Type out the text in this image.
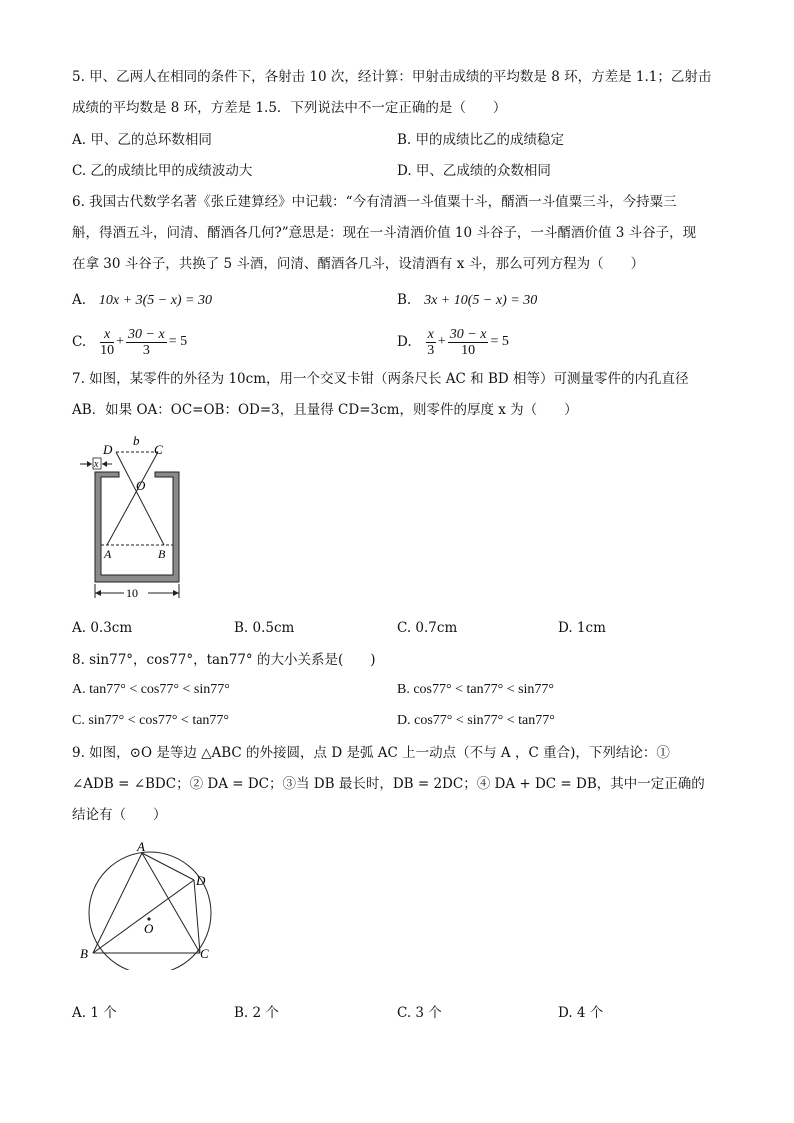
5. 甲、乙两人在相同的条件下，各射击 10 次，经计算：甲射击成绩的平均数是 8 环，方差是 1.1；乙射击
成绩的平均数是 8 环，方差是 1.5．下列说法中不一定正确的是（　　）
A. 甲、乙的总环数相同	B. 甲的成绩比乙的成绩稳定
C. 乙的成绩比甲的成绩波动大	D. 甲、乙成绩的众数相同
6. 我国古代数学名著《张丘建算经》中记载：“今有清酒一斗值粟十斗，醑酒一斗值粟三斗，今持粟三
斛，得酒五斗，问清、醑酒各几何?”意思是：现在一斗清酒价值 10 斗谷子，一斗醑酒价值 3 斗谷子，现
在拿 30 斗谷子，共换了 5 斗酒，问清、醑酒各几斗，设清酒有 x 斗，那么可列方程为（　　）
A. 10x + 3(5 − x) = 30	B. 3x + 10(5 − x) = 30
C. $\frac{x}{10} + \frac{30 - x}{3} = 5$	D. $\frac{x}{3} + \frac{30 - x}{10} = 5$
7. 如图，某零件的外径为 10cm，用一个交叉卡钳（两条尺长 AC 和 BD 相等）可测量零件的内孔直径
AB．如果 OA：OC=OB：OD=3，且量得 CD=3cm，则零件的厚度 x 为（　　）
D
b
C
O
A	B
x
10
A. 0.3cm	B. 0.5cm	C. 0.7cm	D. 1cm
8. sin77°，cos77°，tan77° 的大小关系是(　　)
A. tan77° < cos77° < sin77°	B. cos77° < tan77° < sin77°
C. sin77° < cos77° < tan77°	D. cos77° < sin77° < tan77°
9. 如图，⊙O 是等边 △ABC 的外接圆，点 D 是弧 AC 上一动点（不与 A ，C 重合)，下列结论：①
∠ADB = ∠BDC；② DA = DC；③当 DB 最长时，DB = 2DC；④ DA + DC = DB，其中一定正确的
结论有（　　）
A
B	C
D
O
A. 1 个	B. 2 个	C. 3 个	D. 4 个
